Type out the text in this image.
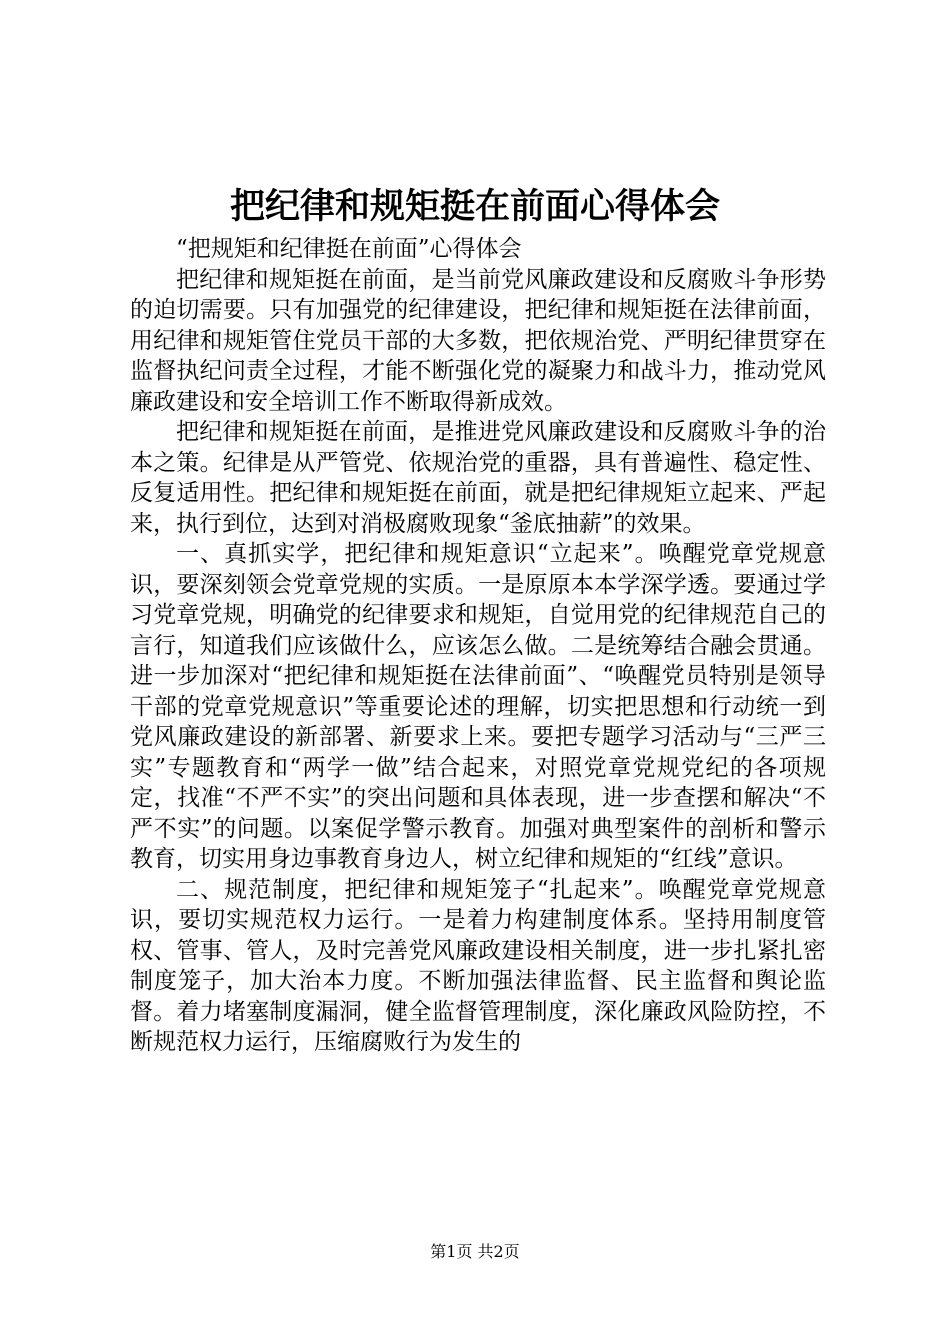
把纪律和规矩挺在前面心得体会

“把规矩和纪律挺在前面”心得体会

把纪律和规矩挺在前面，是当前党风廉政建设和反腐败斗争形势的迫切需要。只有加强党的纪律建设，把纪律和规矩挺在法律前面，用纪律和规矩管住党员干部的大多数，把依规治党、严明纪律贯穿在监督执纪问责全过程，才能不断强化党的凝聚力和战斗力，推动党风廉政建设和安全培训工作不断取得新成效。

把纪律和规矩挺在前面，是推进党风廉政建设和反腐败斗争的治本之策。纪律是从严管党、依规治党的重器，具有普遍性、稳定性、反复适用性。把纪律和规矩挺在前面，就是把纪律规矩立起来、严起来，执行到位，达到对消极腐败现象“釜底抽薪”的效果。

一、真抓实学，把纪律和规矩意识“立起来”。唤醒党章党规意识，要深刻领会党章党规的实质。一是原原本本学深学透。要通过学习党章党规，明确党的纪律要求和规矩，自觉用党的纪律规范自己的言行，知道我们应该做什么，应该怎么做。二是统筹结合融会贯通。进一步加深对“把纪律和规矩挺在法律前面”、“唤醒党员特别是领导干部的党章党规意识”等重要论述的理解，切实把思想和行动统一到党风廉政建设的新部署、新要求上来。要把专题学习活动与“三严三实”专题教育和“两学一做”结合起来，对照党章党规党纪的各项规定，找准“不严不实”的突出问题和具体表现，进一步查摆和解决“不严不实”的问题。以案促学警示教育。加强对典型案件的剖析和警示教育，切实用身边事教育身边人，树立纪律和规矩的“红线”意识。

二、规范制度，把纪律和规矩笼子“扎起来”。唤醒党章党规意识，要切实规范权力运行。一是着力构建制度体系。坚持用制度管权、管事、管人，及时完善党风廉政建设相关制度，进一步扎紧扎密制度笼子，加大治本力度。不断加强法律监督、民主监督和舆论监督。着力堵塞制度漏洞，健全监督管理制度，深化廉政风险防控，不断规范权力运行，压缩腐败行为发生的

第1页 共2页
